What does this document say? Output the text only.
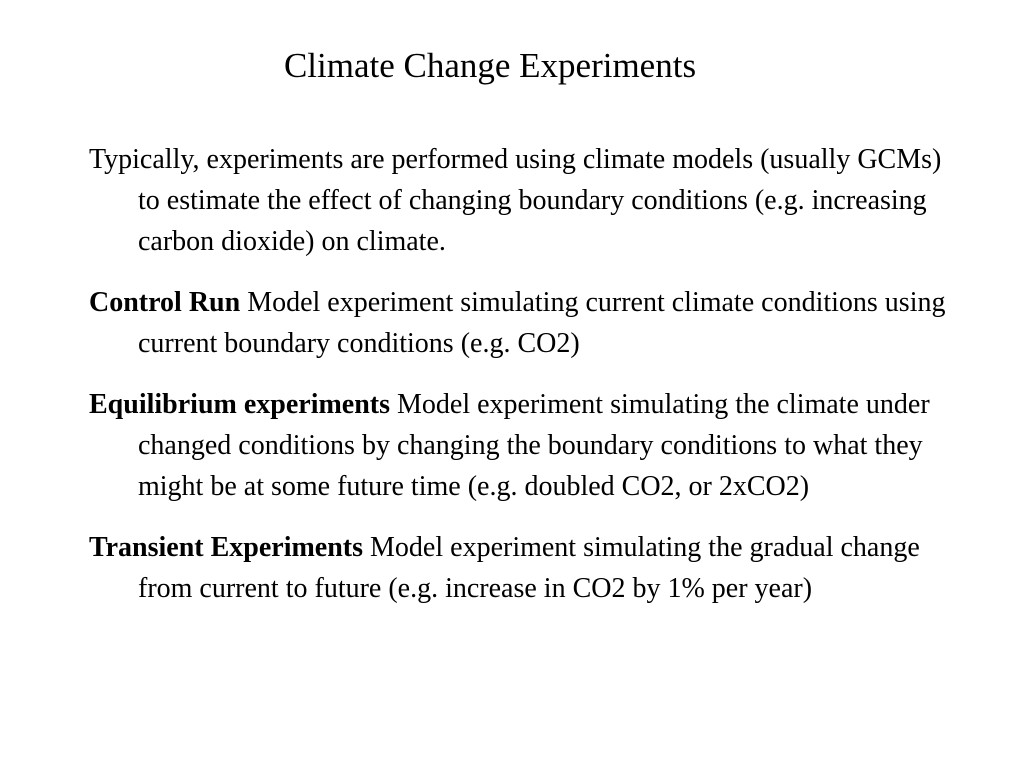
Climate Change Experiments

Typically, experiments are performed using climate models (usually GCMs) to estimate the effect of changing boundary conditions (e.g. increasing carbon dioxide) on climate.

Control Run Model experiment simulating current climate conditions using current boundary conditions (e.g. CO2)

Equilibrium experiments Model experiment simulating the climate under changed conditions by changing the boundary conditions to what they might be at some future time (e.g. doubled CO2, or 2xCO2)

Transient Experiments Model experiment simulating the gradual change from current to future (e.g. increase in CO2 by 1% per year)
